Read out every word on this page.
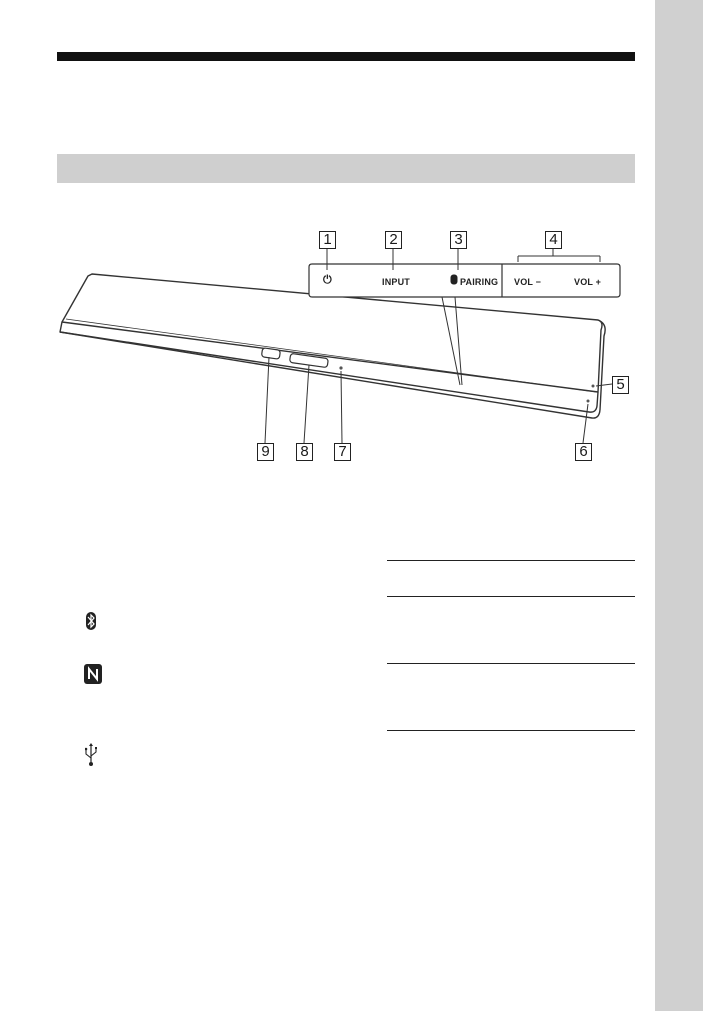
1	2	3	4
5
6
7
8
9
⏻	INPUT	PAIRING VOL −	VOL +
